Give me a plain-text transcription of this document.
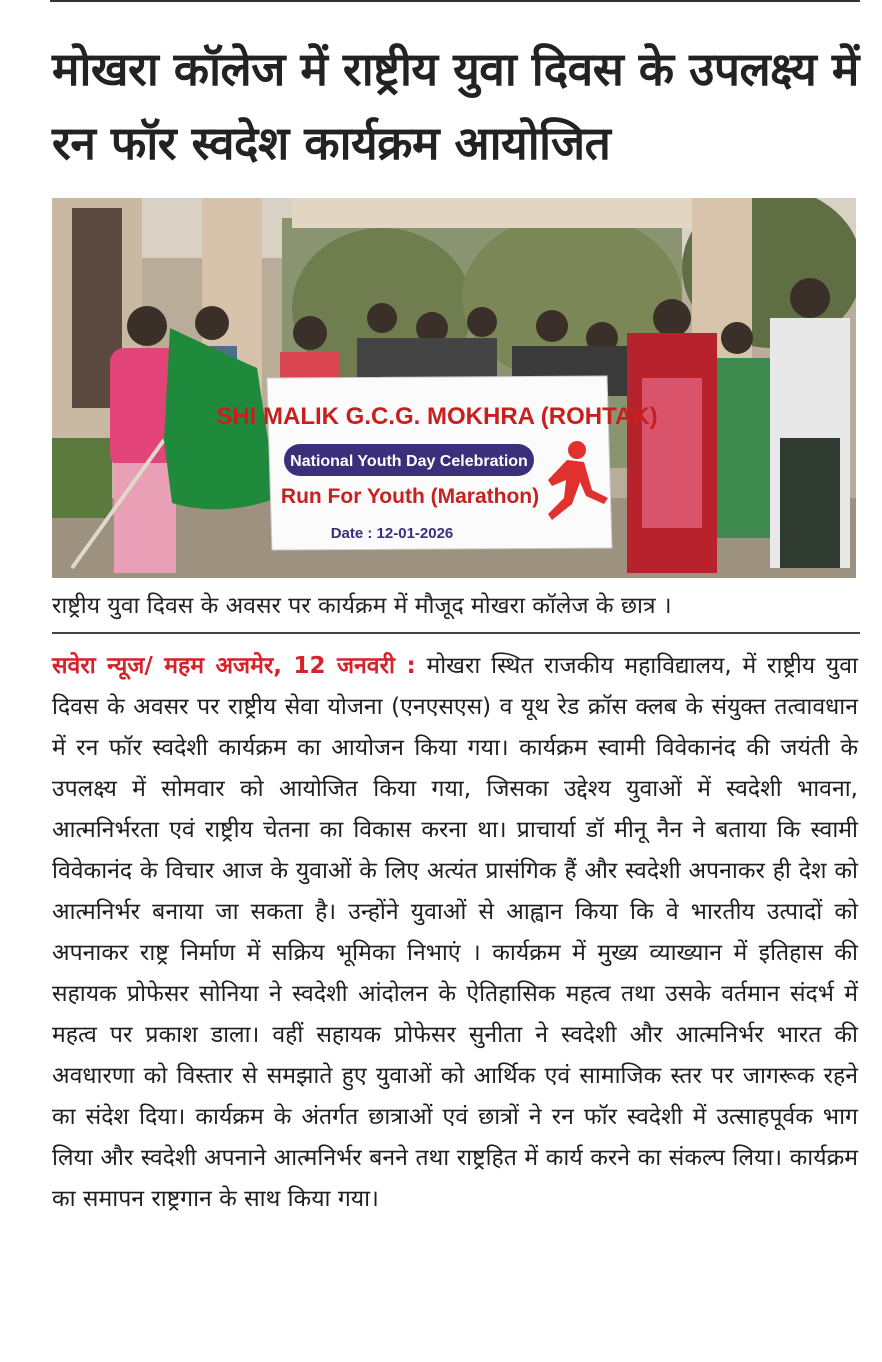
मोखरा कॉलेज में राष्ट्रीय युवा दिवस के उपलक्ष्य में रन फॉर स्वदेश कार्यक्रम आयोजित
SHI MALIK G.C.G. MOKHRA (ROHTAK)
National Youth Day Celebration
Run For Youth (Marathon)
Date : 12-01-2026

राष्ट्रीय युवा दिवस के अवसर पर कार्यक्रम में मौजूद मोखरा कॉलेज के छात्र ।

सवेरा न्यूज/ महम अजमेर, 12 जनवरी : मोखरा स्थित राजकीय महाविद्यालय, में राष्ट्रीय युवा दिवस के अवसर पर राष्ट्रीय सेवा योजना (एनएसएस) व यूथ रेड क्रॉस क्लब के संयुक्त तत्वावधान में रन फॉर स्वदेशी कार्यक्रम का आयोजन किया गया। कार्यक्रम स्वामी विवेकानंद की जयंती के उपलक्ष्य में सोमवार को आयोजित किया गया, जिसका उद्देश्य युवाओं में स्वदेशी भावना, आत्मनिर्भरता एवं राष्ट्रीय चेतना का विकास करना था। प्राचार्या डॉ मीनू नैन ने बताया कि स्वामी विवेकानंद के विचार आज के युवाओं के लिए अत्यंत प्रासंगिक हैं और स्वदेशी अपनाकर ही देश को आत्मनिर्भर बनाया जा सकता है। उन्होंने युवाओं से आह्वान किया कि वे भारतीय उत्पादों को अपनाकर राष्ट्र निर्माण में सक्रिय भूमिका निभाएं । कार्यक्रम में मुख्य व्याख्यान में इतिहास की सहायक प्रोफेसर सोनिया ने स्वदेशी आंदोलन के ऐतिहासिक महत्व तथा उसके वर्तमान संदर्भ में महत्व पर प्रकाश डाला। वहीं सहायक प्रोफेसर सुनीता ने स्वदेशी और आत्मनिर्भर भारत की अवधारणा को विस्तार से समझाते हुए युवाओं को आर्थिक एवं सामाजिक स्तर पर जागरूक रहने का संदेश दिया। कार्यक्रम के अंतर्गत छात्राओं एवं छात्रों ने रन फॉर स्वदेशी में उत्साहपूर्वक भाग लिया और स्वदेशी अपनाने आत्मनिर्भर बनने तथा राष्ट्रहित में कार्य करने का संकल्प लिया। कार्यक्रम का समापन राष्ट्रगान के साथ किया गया।
